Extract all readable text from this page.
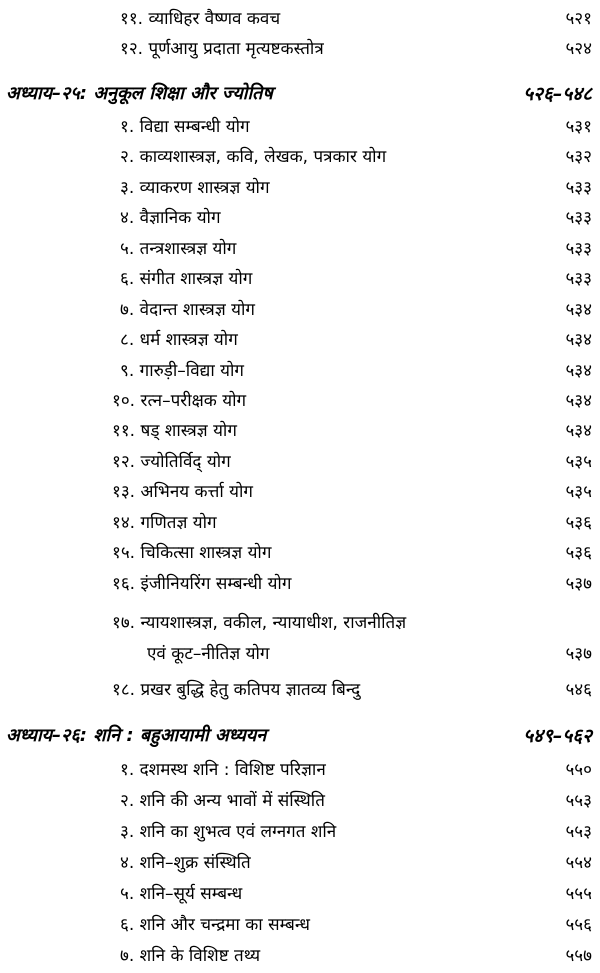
११. व्याधिहर वैष्णव कवच	५२१
१२. पूर्णआयु प्रदाता मृत्यष्टकस्तोत्र	५२४
अध्याय–२५: अनुकूल शिक्षा और ज्योतिष	५२६–५४८
१. विद्या सम्बन्धी योग	५३१
२. काव्यशास्त्रज्ञ, कवि, लेखक, पत्रकार योग	५३२
३. व्याकरण शास्त्रज्ञ योग	५३३
४. वैज्ञानिक योग	५३३
५. तन्त्रशास्त्रज्ञ योग	५३३
६. संगीत शास्त्रज्ञ योग	५३३
७. वेदान्त शास्त्रज्ञ योग	५३४
८. धर्म शास्त्रज्ञ योग	५३४
९. गारुड़ी–विद्या योग	५३४
१०. रत्न–परीक्षक योग	५३४
११. षड् शास्त्रज्ञ योग	५३४
१२. ज्योतिर्विद् योग	५३५
१३. अभिनय कर्त्ता योग	५३५
१४. गणितज्ञ योग	५३६
१५. चिकित्सा शास्त्रज्ञ योग	५३६
१६. इंजीनियरिंग सम्बन्धी योग	५३७
१७. न्यायशास्त्रज्ञ, वकील, न्यायाधीश, राजनीतिज्ञ
एवं कूट–नीतिज्ञ योग	५३७
१८. प्रखर बुद्धि हेतु कतिपय ज्ञातव्य बिन्दु	५४६
अध्याय–२६: शनि : बहुआयामी अध्ययन	५४९–५६२
१. दशमस्थ शनि : विशिष्ट परिज्ञान	५५०
२. शनि की अन्य भावों में संस्थिति	५५३
३. शनि का शुभत्व एवं लग्नगत शनि	५५३
४. शनि–शुक्र संस्थिति	५५४
५. शनि–सूर्य सम्बन्ध	५५५
६. शनि और चन्द्रमा का सम्बन्ध	५५६
७. शनि के विशिष्ट तथ्य	५५७
